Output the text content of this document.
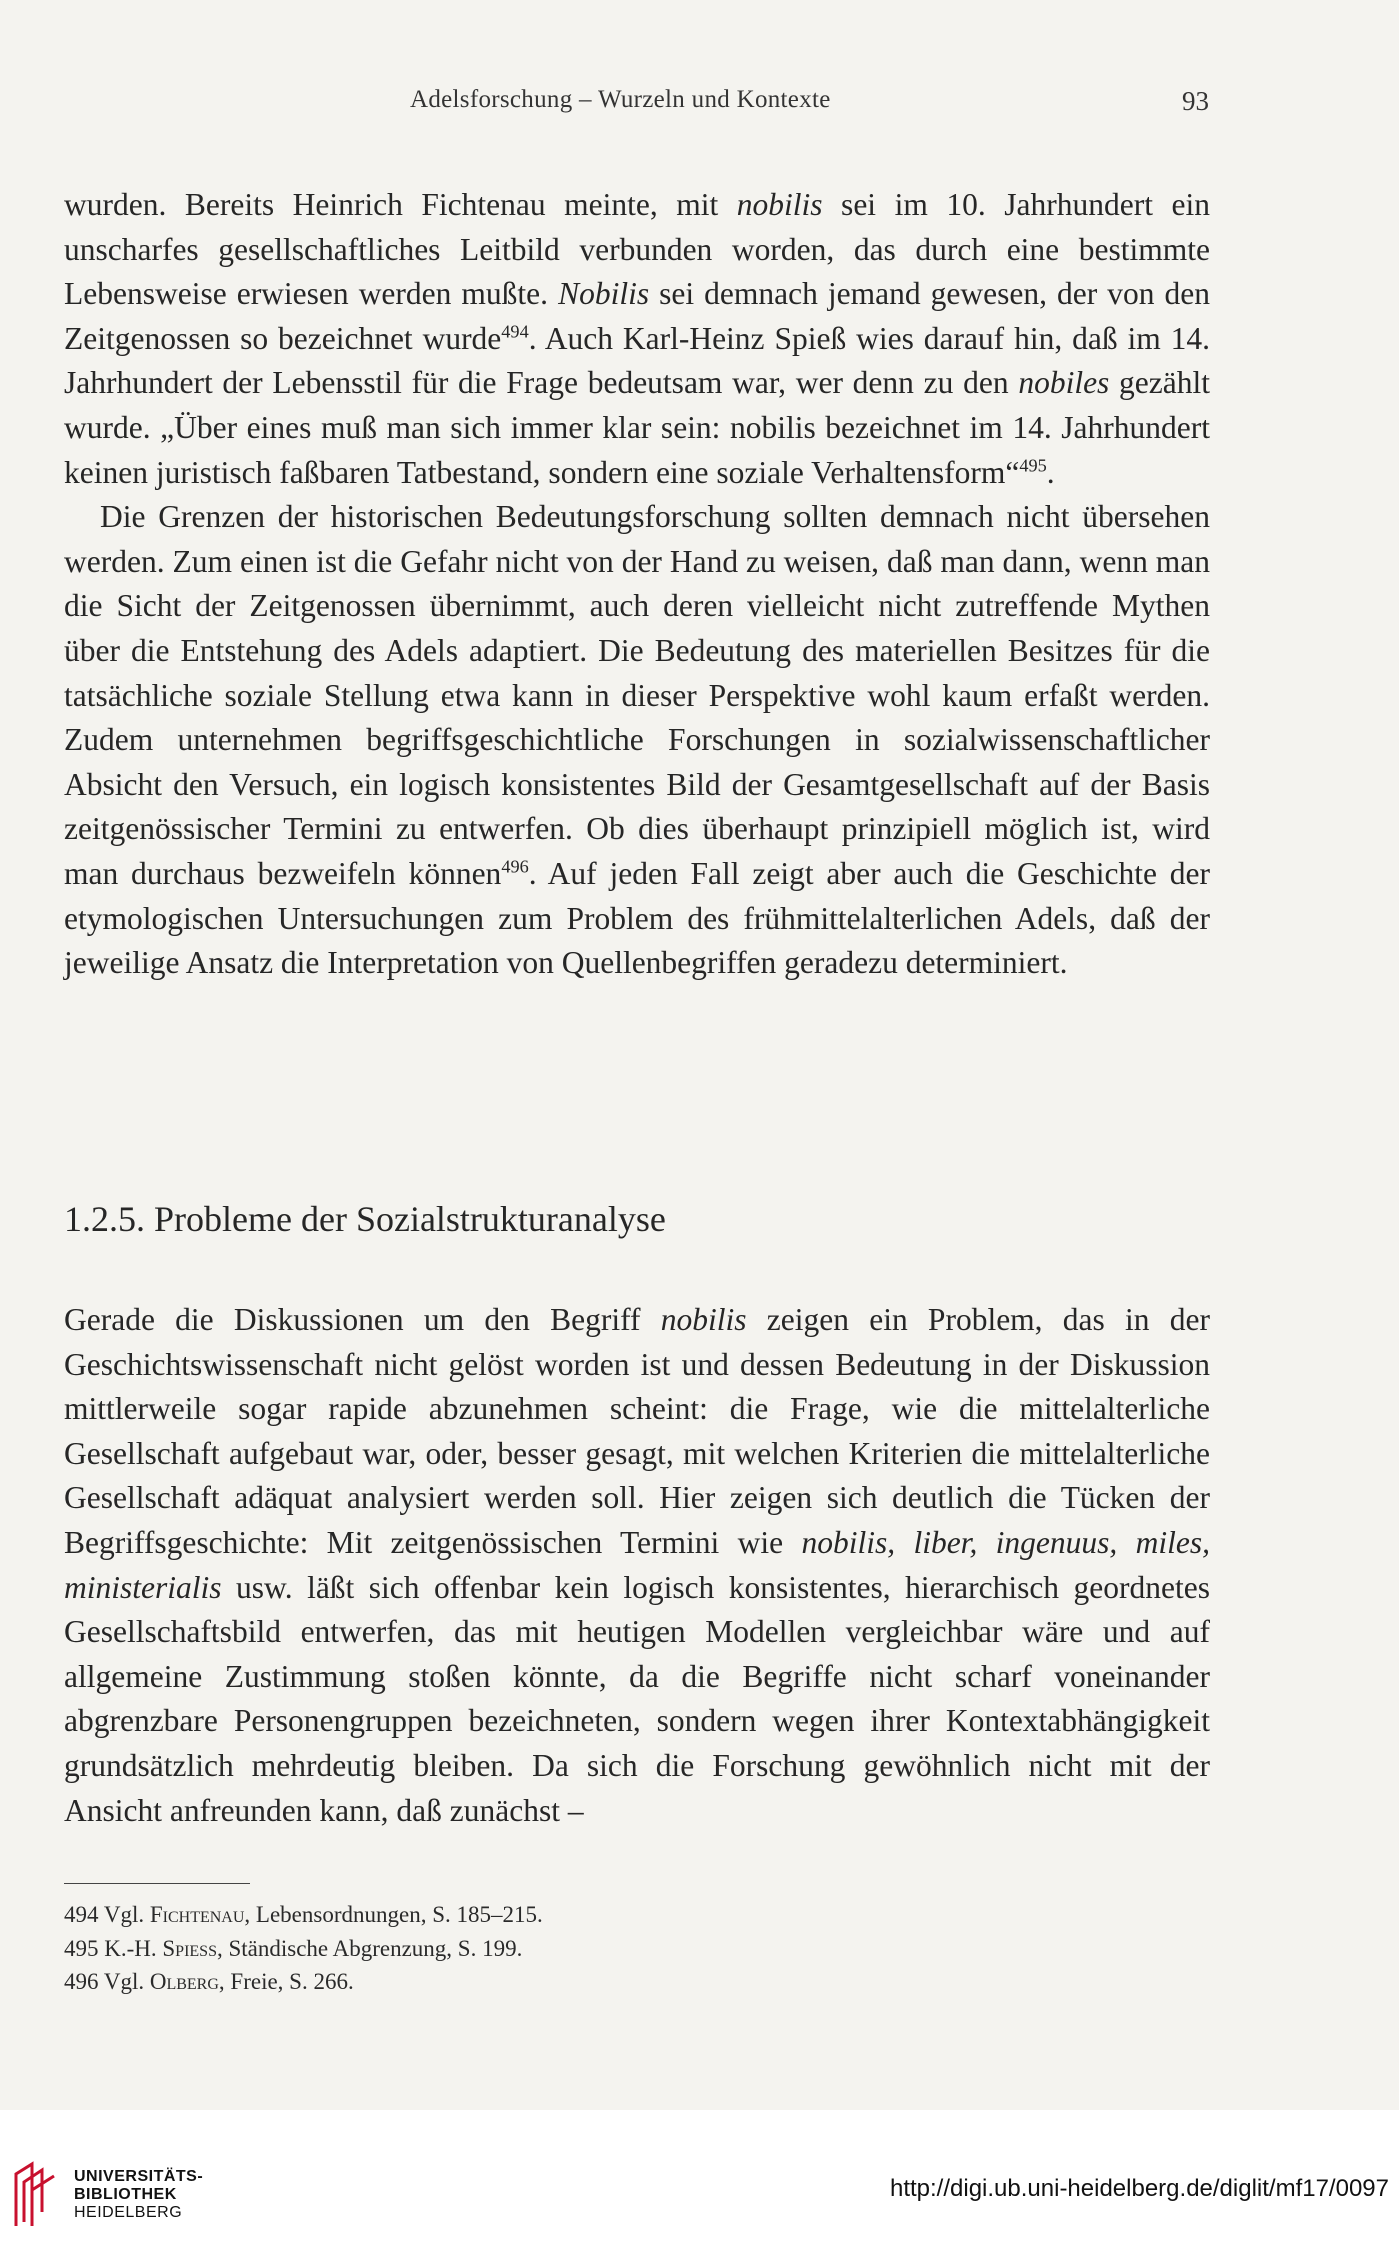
Adelsforschung – Wurzeln und Kontexte	93

wurden. Bereits Heinrich Fichtenau meinte, mit nobilis sei im 10. Jahrhundert ein unscharfes gesellschaftliches Leitbild verbunden worden, das durch eine bestimmte Lebensweise erwiesen werden mußte. Nobilis sei demnach jemand gewesen, der von den Zeitgenossen so bezeichnet wurde$^{494}$. Auch Karl-Heinz Spieß wies darauf hin, daß im 14. Jahrhundert der Lebensstil für die Frage bedeutsam war, wer denn zu den nobiles gezählt wurde. „Über eines muß man sich immer klar sein: nobilis bezeichnet im 14. Jahrhundert keinen juristisch faßbaren Tatbestand, sondern eine soziale Verhaltensform“$^{495}$.

Die Grenzen der historischen Bedeutungsforschung sollten demnach nicht übersehen werden. Zum einen ist die Gefahr nicht von der Hand zu weisen, daß man dann, wenn man die Sicht der Zeitgenossen übernimmt, auch deren vielleicht nicht zutreffende Mythen über die Entstehung des Adels adaptiert. Die Bedeutung des materiellen Besitzes für die tatsächliche soziale Stellung etwa kann in dieser Perspektive wohl kaum erfaßt werden. Zudem unternehmen begriffsgeschichtliche Forschungen in sozialwissenschaftlicher Absicht den Versuch, ein logisch konsistentes Bild der Gesamtgesellschaft auf der Basis zeitgenössischer Termini zu entwerfen. Ob dies überhaupt prinzipiell möglich ist, wird man durchaus bezweifeln können$^{496}$. Auf jeden Fall zeigt aber auch die Geschichte der etymologischen Untersuchungen zum Problem des frühmittelalterlichen Adels, daß der jeweilige Ansatz die Interpretation von Quellenbegriffen geradezu determiniert.

1.2.5. Probleme der Sozialstrukturanalyse

Gerade die Diskussionen um den Begriff nobilis zeigen ein Problem, das in der Geschichtswissenschaft nicht gelöst worden ist und dessen Bedeutung in der Diskussion mittlerweile sogar rapide abzunehmen scheint: die Frage, wie die mittelalterliche Gesellschaft aufgebaut war, oder, besser gesagt, mit welchen Kriterien die mittelalterliche Gesellschaft adäquat analysiert werden soll. Hier zeigen sich deutlich die Tücken der Begriffsgeschichte: Mit zeitgenössischen Termini wie nobilis, liber, ingenuus, miles, ministerialis usw. läßt sich offenbar kein logisch konsistentes, hierarchisch geordnetes Gesellschaftsbild entwerfen, das mit heutigen Modellen vergleichbar wäre und auf allgemeine Zustimmung stoßen könnte, da die Begriffe nicht scharf voneinander abgrenzbare Personengruppen bezeichneten, sondern wegen ihrer Kontextabhängigkeit grundsätzlich mehrdeutig bleiben. Da sich die Forschung gewöhnlich nicht mit der Ansicht anfreunden kann, daß zunächst –

494 Vgl. Fichtenau, Lebensordnungen, S. 185–215.
495 K.-H. Spiess, Ständische Abgrenzung, S. 199.
496 Vgl. Olberg, Freie, S. 266.
UNIVERSITÄTS-
BIBLIOTHEK
HEIDELBERG
http://digi.ub.uni-heidelberg.de/diglit/mf17/0097
